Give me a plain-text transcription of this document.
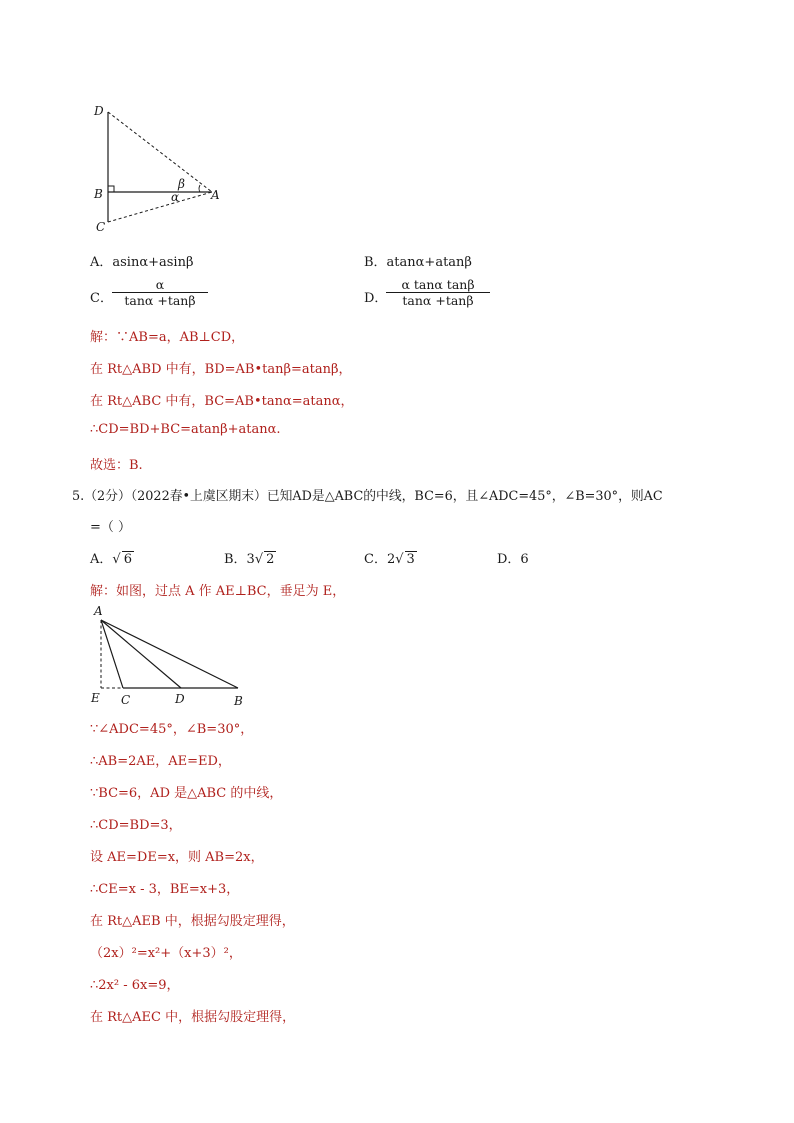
D
B
C
A
β
α
A．asinα+asinβ	B．atanα+atanβ
C．
α
tanα +tanβ	D．
α tanα tanβ
tanα +tanβ
解：∵AB=a，AB⊥CD，
在 Rt△ABD 中有，BD=AB•tanβ=atanβ，
在 Rt△ABC 中有，BC=AB•tanα=atanα，
∴CD=BD+BC=atanβ+atanα.
故选：B.
5.（2分）（2022春•上虞区期末）已知AD是△ABC的中线，BC=6，且∠ADC=45°，∠B=30°，则AC
=（ ）
A．√ 6	B．3√ 2	C．2√ 3	D．6
解：如图，过点 A 作 AE⊥BC，垂足为 E，
A
E C	D	B
∵∠ADC=45°，∠B=30°，
∴AB=2AE，AE=ED，
∵BC=6，AD 是△ABC 的中线，
∴CD=BD=3，
设 AE=DE=x，则 AB=2x，
∴CE=x - 3，BE=x+3，
在 Rt△AEB 中，根据勾股定理得，
（2x）²=x²+（x+3）²，
∴2x² - 6x=9，
在 Rt△AEC 中，根据勾股定理得，
